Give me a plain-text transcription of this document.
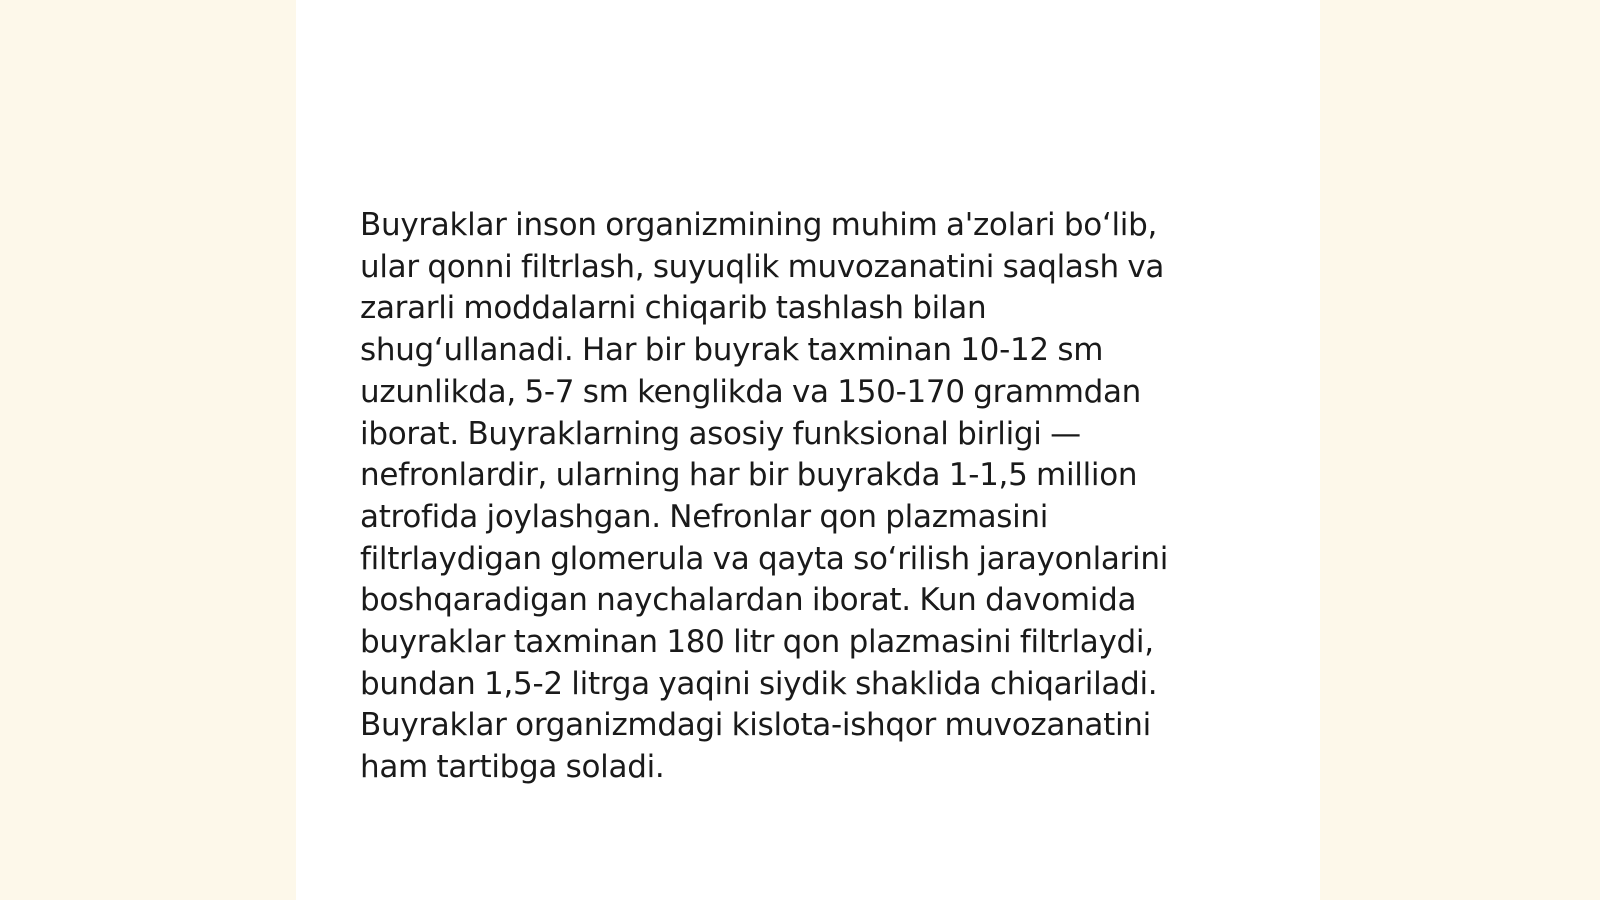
Buyraklar inson organizmining muhim a'zolari bo‘lib,
ular qonni filtrlash, suyuqlik muvozanatini saqlash va
zararli moddalarni chiqarib tashlash bilan
shug‘ullanadi. Har bir buyrak taxminan 10-12 sm
uzunlikda, 5-7 sm kenglikda va 150-170 grammdan
iborat. Buyraklarning asosiy funksional birligi —
nefronlardir, ularning har bir buyrakda 1-1,5 million
atrofida joylashgan. Nefronlar qon plazmasini
filtrlaydigan glomerula va qayta so‘rilish jarayonlarini
boshqaradigan naychalardan iborat. Kun davomida
buyraklar taxminan 180 litr qon plazmasini filtrlaydi,
bundan 1,5-2 litrga yaqini siydik shaklida chiqariladi.
Buyraklar organizmdagi kislota-ishqor muvozanatini
ham tartibga soladi.
